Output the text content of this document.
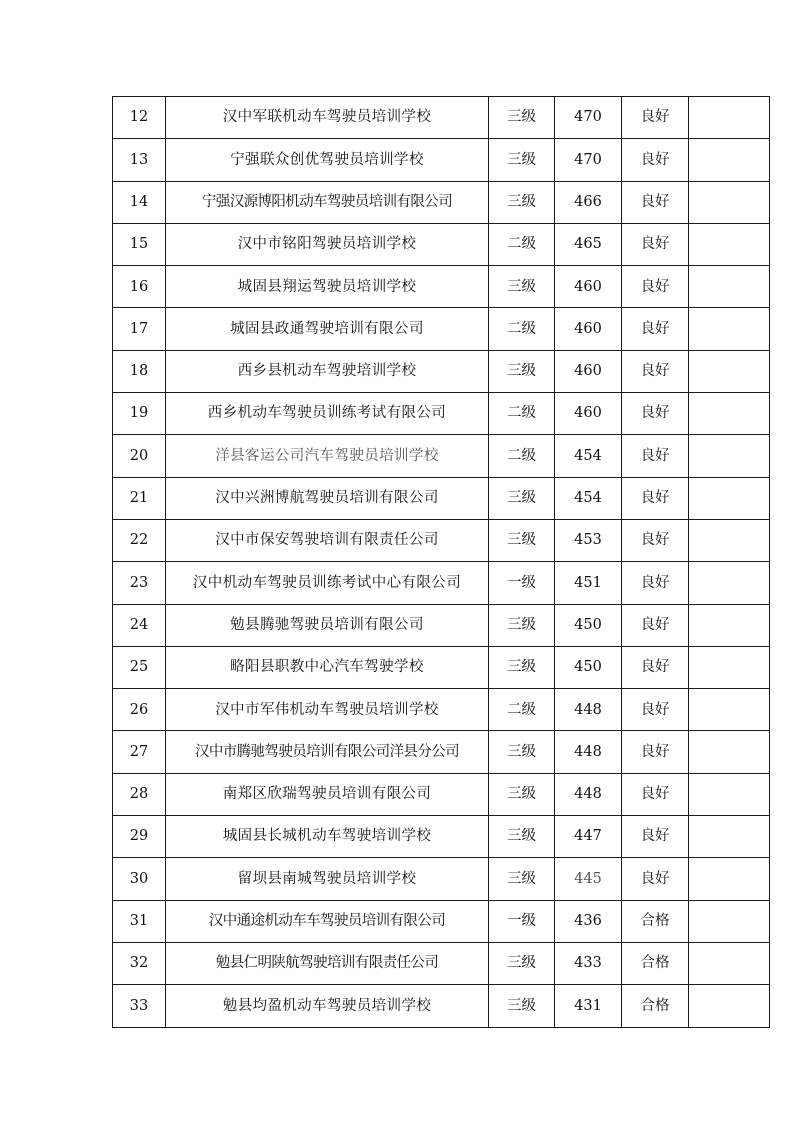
12	汉中军联机动车驾驶员培训学校	三级	470	良好	
13	宁强联众创优驾驶员培训学校	三级	470	良好	
14	宁强汉源博阳机动车驾驶员培训有限公司	三级	466	良好	
15	汉中市铭阳驾驶员培训学校	二级	465	良好	
16	城固县翔运驾驶员培训学校	三级	460	良好	
17	城固县政通驾驶培训有限公司	二级	460	良好	
18	西乡县机动车驾驶培训学校	三级	460	良好	
19	西乡机动车驾驶员训练考试有限公司	二级	460	良好	
20	洋县客运公司汽车驾驶员培训学校	二级	454	良好	
21	汉中兴洲博航驾驶员培训有限公司	三级	454	良好	
22	汉中市保安驾驶培训有限责任公司	三级	453	良好	
23	汉中机动车驾驶员训练考试中心有限公司	一级	451	良好	
24	勉县腾驰驾驶员培训有限公司	三级	450	良好	
25	略阳县职教中心汽车驾驶学校	三级	450	良好	
26	汉中市军伟机动车驾驶员培训学校	二级	448	良好	
27	汉中市腾驰驾驶员培训有限公司洋县分公司	三级	448	良好	
28	南郑区欣瑞驾驶员培训有限公司	三级	448	良好	
29	城固县长城机动车驾驶培训学校	三级	447	良好	
30	留坝县南城驾驶员培训学校	三级	445	良好	
31	汉中通途机动车车驾驶员培训有限公司	一级	436	合格	
32	勉县仁明陕航驾驶培训有限责任公司	三级	433	合格	
33	勉县均盈机动车驾驶员培训学校	三级	431	合格	
